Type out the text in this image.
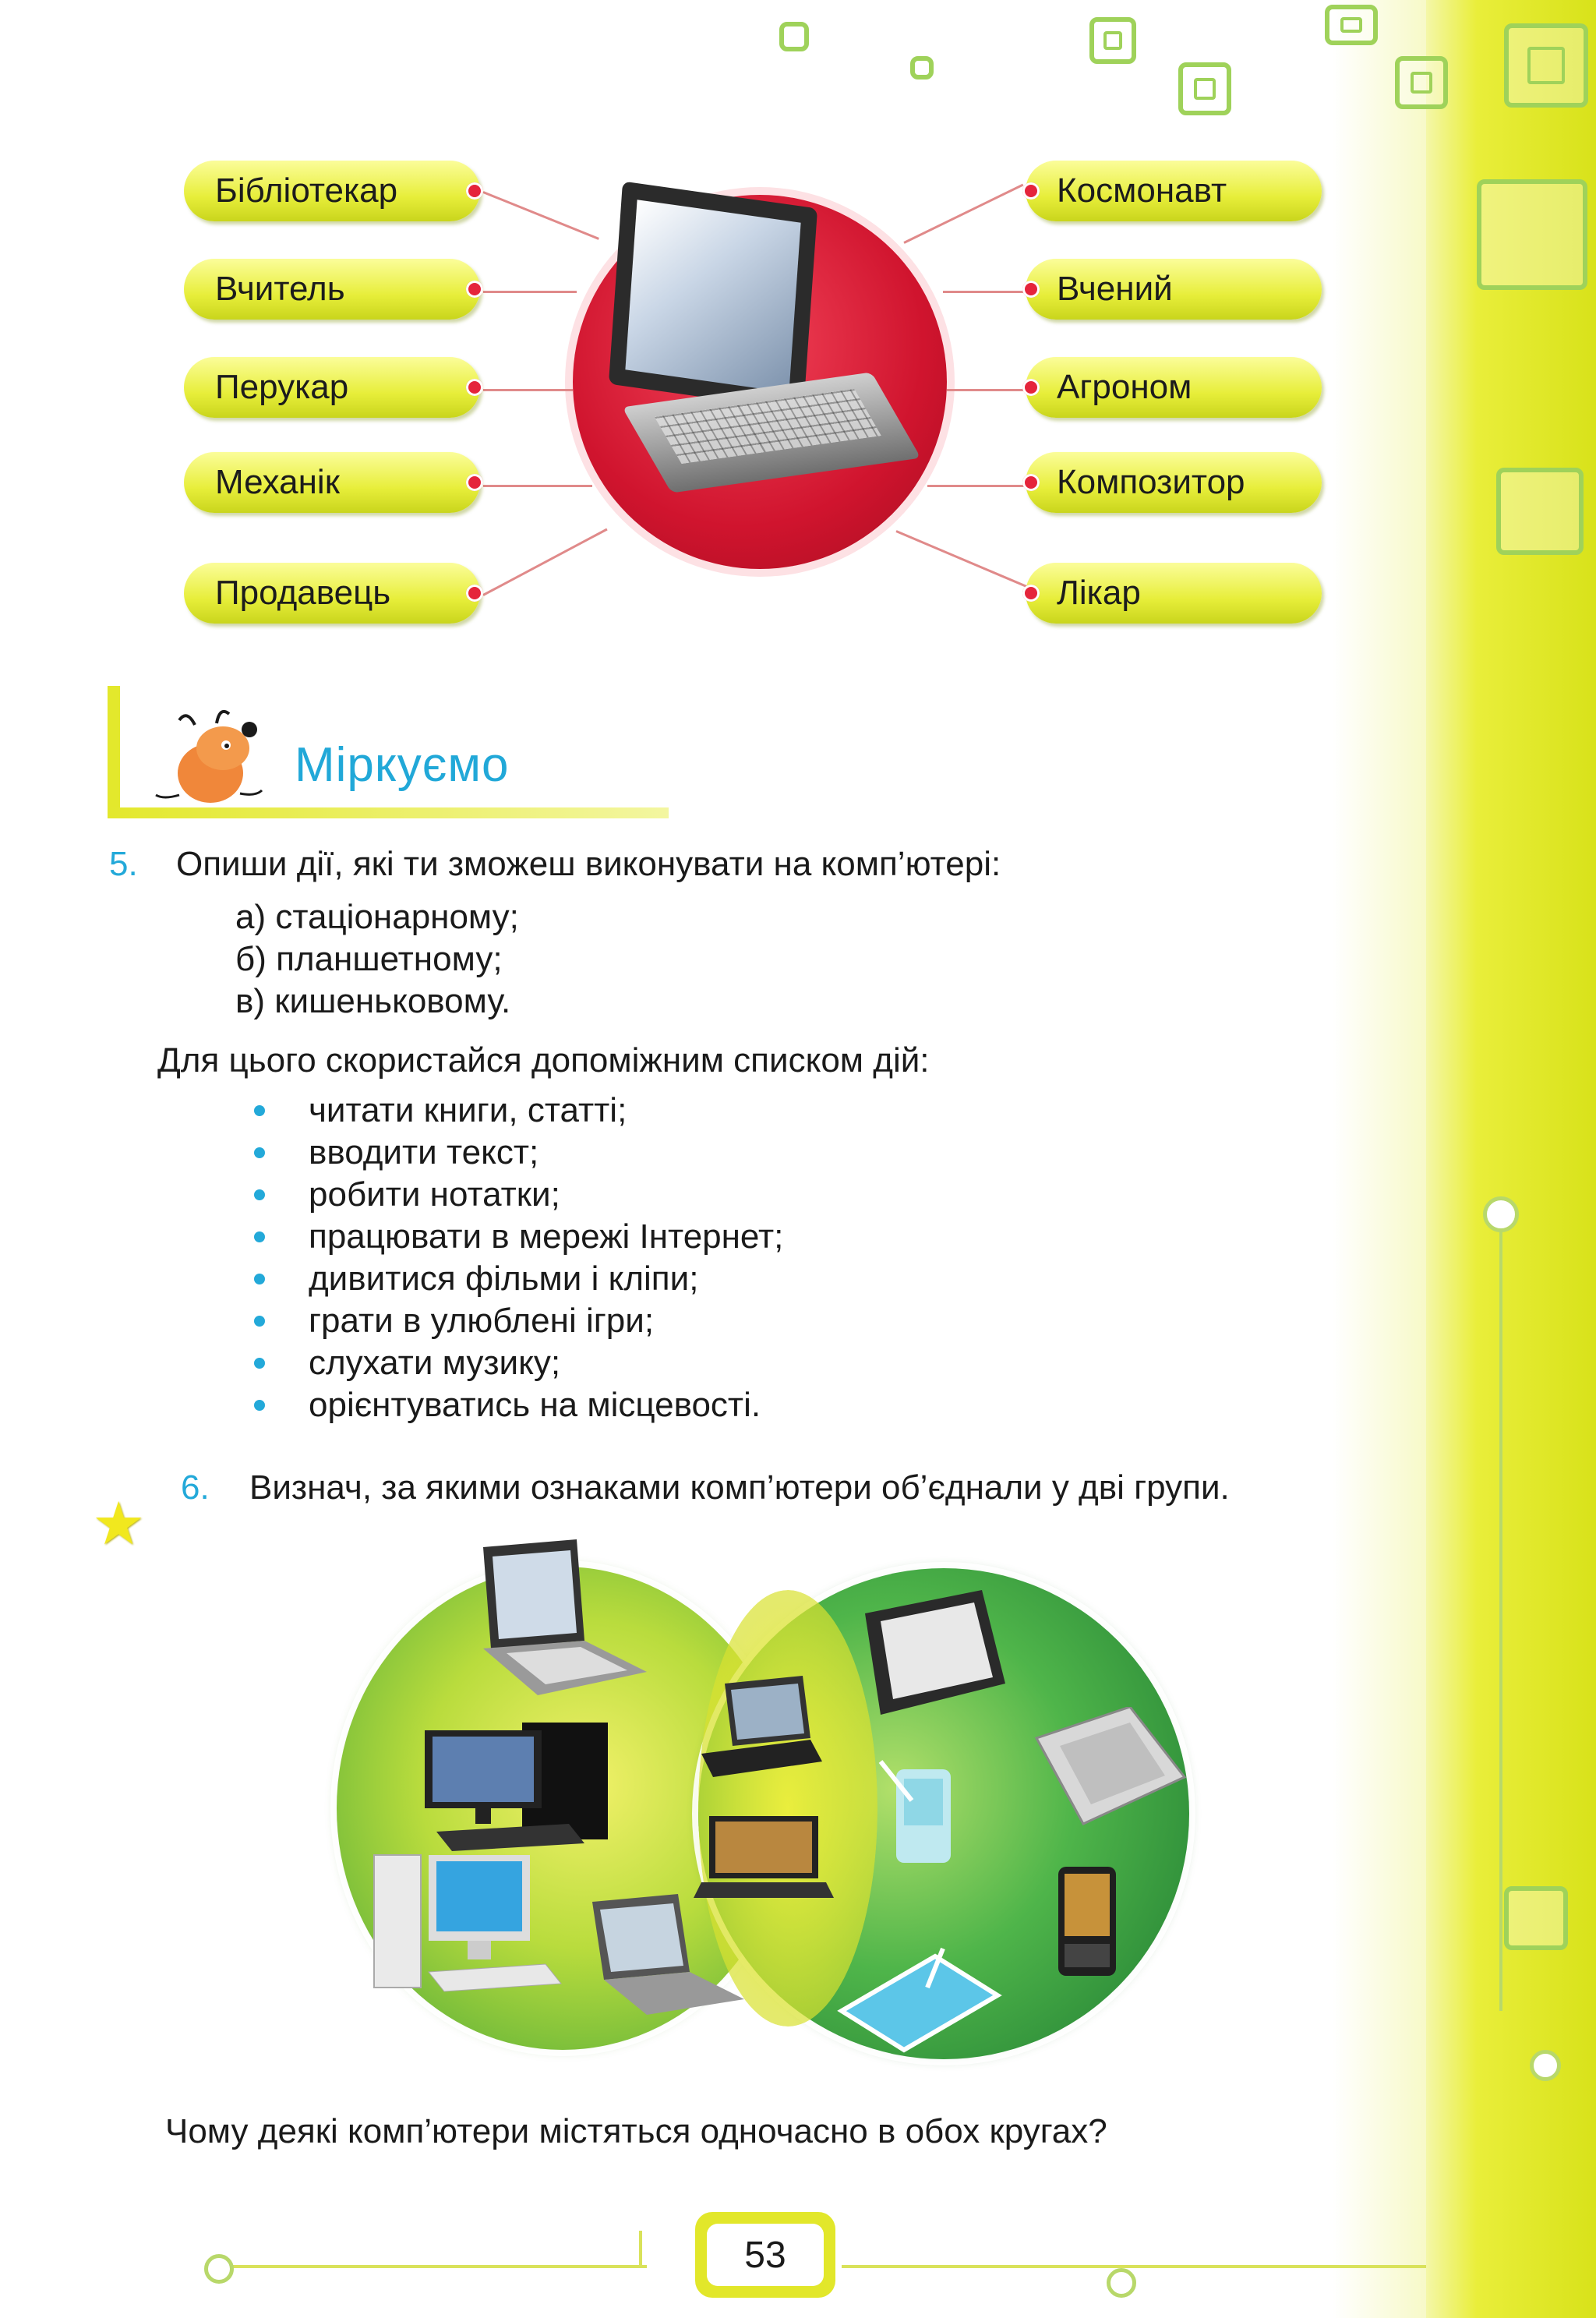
Бібліотекар
Вчитель
Перукар
Механік
Продавець
Космонавт
Вчений
Агроном
Композитор
Лікар
Міркуємо
5. Опиши дії, які ти зможеш виконувати на комп’ютері:
а) стаціонарному;
б) планшетному;
в) кишеньковому.
Для цього скористайся допоміжним списком дій:
читати книги, статті;
вводити текст;
робити нотатки;
працювати в мережі Інтернет;
дивитися фільми і кліпи;
грати в улюблені ігри;
слухати музику;
орієнтуватись на місцевості.
★
6. Визнач, за якими ознаками комп’ютери об’єднали у дві групи.
Чому деякі комп’ютери містяться одночасно в обох кругах?
53
